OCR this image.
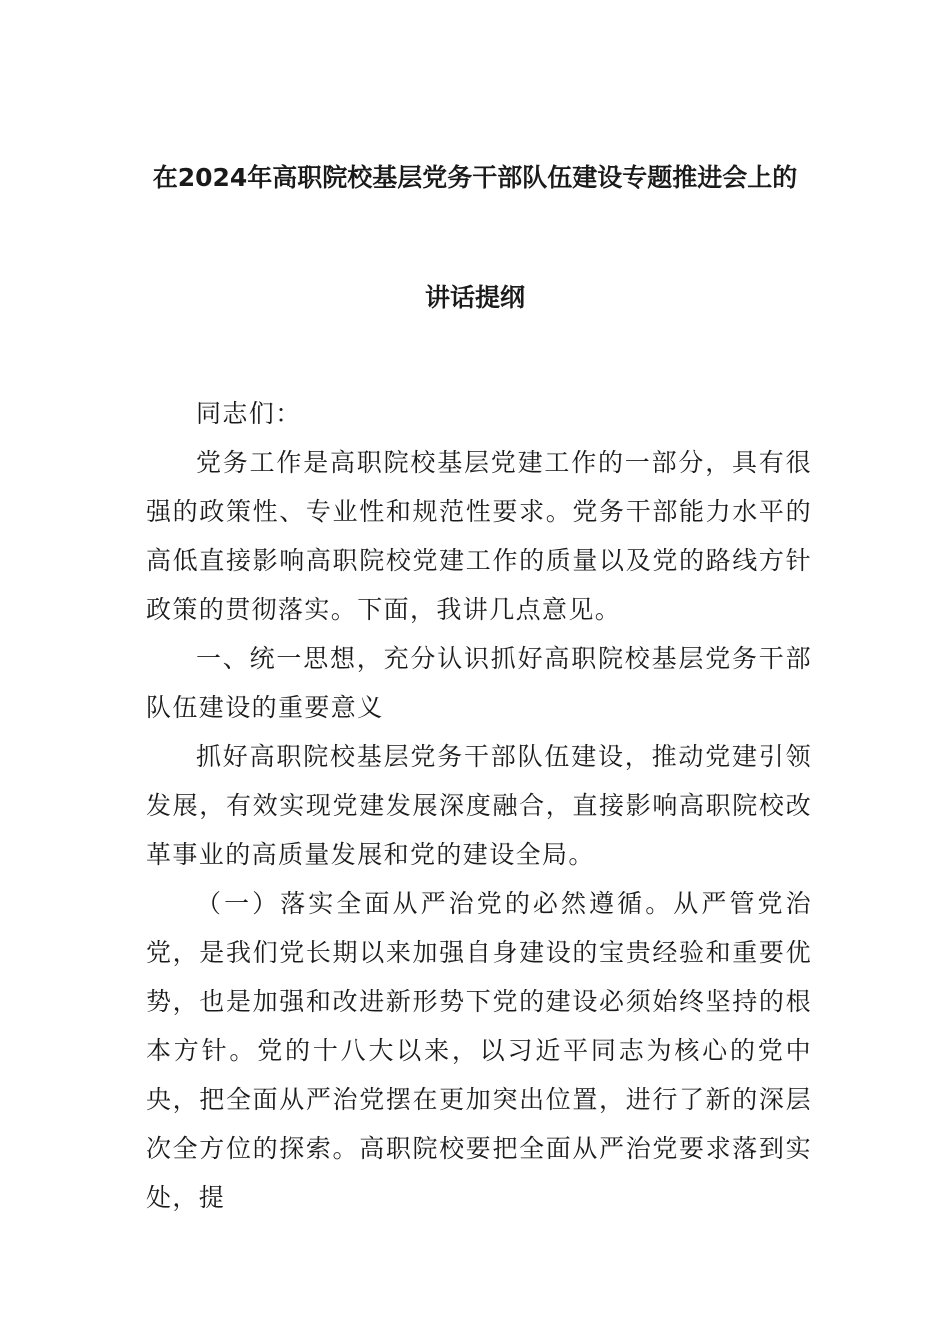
在2024年高职院校基层党务干部队伍建设专题推进会上的
讲话提纲

同志们：

党务工作是高职院校基层党建工作的一部分，具有很强的政策性、专业性和规范性要求。党务干部能力水平的高低直接影响高职院校党建工作的质量以及党的路线方针政策的贯彻落实。下面，我讲几点意见。

一、统一思想，充分认识抓好高职院校基层党务干部队伍建设的重要意义

抓好高职院校基层党务干部队伍建设，推动党建引领发展，有效实现党建发展深度融合，直接影响高职院校改革事业的高质量发展和党的建设全局。

（一）落实全面从严治党的必然遵循。从严管党治党，是我们党长期以来加强自身建设的宝贵经验和重要优势，也是加强和改进新形势下党的建设必须始终坚持的根本方针。党的十八大以来，以习近平同志为核心的党中央，把全面从严治党摆在更加突出位置，进行了新的深层次全方位的探索。高职院校要把全面从严治党要求落到实处，提
